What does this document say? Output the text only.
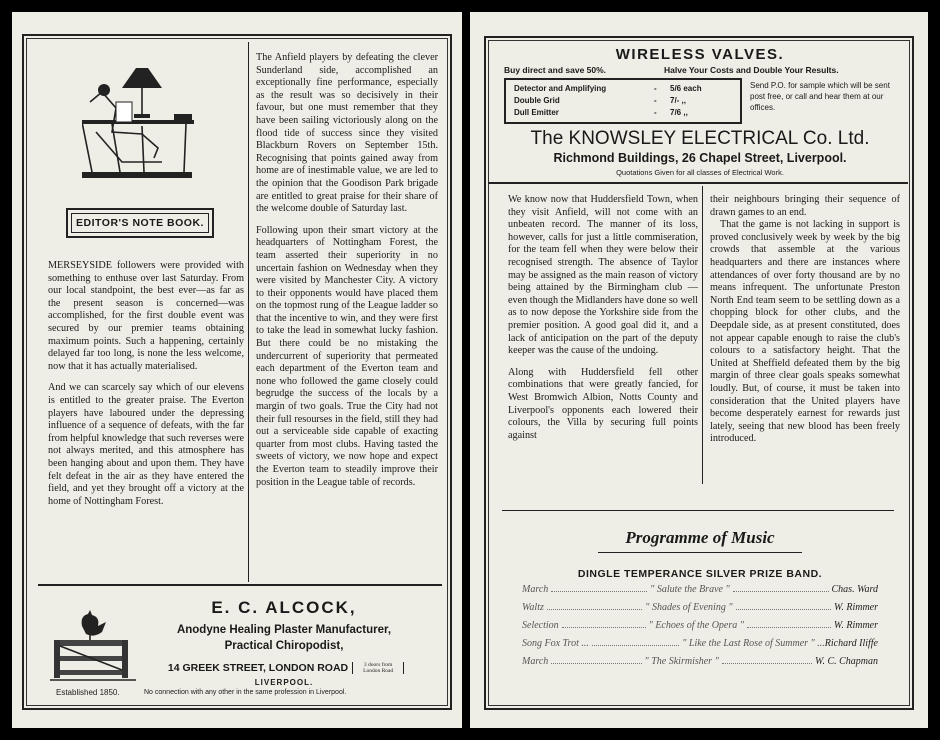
EDITOR'S NOTE BOOK.

MERSEYSIDE followers were provided with something to enthuse over last Saturday. From our local standpoint, the best ever—as far as the present season is concerned—was accomplished, for the first double event was secured by our premier teams obtaining maximum points. Such a happening, certainly delayed far too long, is none the less welcome, now that it has actually materialised.

And we can scarcely say which of our elevens is entitled to the greater praise. The Everton players have laboured under the depressing influence of a sequence of defeats, with the far from helpful knowledge that such reverses were not always merited, and this atmosphere has been hanging about and upon them. They have felt defeat in the air as they have entered the field, and yet they brought off a victory at the home of Nottingham Forest.

The Anfield players by defeating the clever Sunderland side, accomplished an exceptionally fine performance, especially as the result was so decisively in their favour, but one must remember that they have been sailing victoriously along on the flood tide of success since they visited Blackburn Rovers on September 15th. Recognising that points gained away from home are of inestimable value, we are led to the opinion that the Goodison Park brigade are entitled to great praise for their share of the welcome double of Saturday last.

Following upon their smart victory at the headquarters of Nottingham Forest, the team asserted their superiority in no uncertain fashion on Wednesday when they were visited by Manchester City. A victory to their opponents would have placed them on the topmost rung of the League ladder so that the incentive to win, and they were first to take the lead in somewhat lucky fashion. But there could be no mistaking the undercurrent of superiority that permeated each department of the Everton team and none who followed the game closely could begrudge the success of the locals by a margin of two goals. True the City had not their full resourses in the field, still they had out a serviceable side capable of exacting quarter from most clubs. Having tasted the sweets of victory, we now hope and expect the Everton team to steadily improve their position in the League table of records.

E. C. ALCOCK,
Anodyne Healing Plaster Manufacturer,
Practical Chiropodist,
14 GREEK STREET, LONDON ROAD	3 doors from London Road
LIVERPOOL.
Established 1850.	No connection with any other in the same profession in Liverpool.
WIRELESS VALVES.
Buy direct and save 50%.	Halve Your Costs and Double Your Results.
Detector and Amplifying	-	5/6 each
Double Grid	-	7/- ,,
Dull Emitter	-	7/6 ,,
Send P.O. for sample which will be sent post free, or call and hear them at our offices.
The KNOWSLEY ELECTRICAL Co. Ltd.
Richmond Buildings, 26 Chapel Street, Liverpool.
Quotations Given for all classes of Electrical Work.

We know now that Huddersfield Town, when they visit Anfield, will not come with an unbeaten record. The manner of its loss, however, calls for just a little commiseration, for the team fell when they were below their recognised strength. The absence of Taylor may be assigned as the main reason of victory being attained by the Birmingham club — even though the Midlanders have done so well as to now depose the Yorkshire side from the premier position. A good goal did it, and a lack of anticipation on the part of the deputy keeper was the cause of the undoing.

Along with Huddersfield fell other combinations that were greatly fancied, for West Bromwich Albion, Notts County and Liverpool's opponents each lowered their colours, the Villa by securing full points against

their neighbours bringing their sequence of drawn games to an end.

That the game is not lacking in support is proved conclusively week by week by the big crowds that assemble at the various headquarters and there are instances where attendances of over forty thousand are by no means infrequent. The unfortunate Preston North End team seem to be settling down as a chopping block for other clubs, and the Deepdale side, as at present constituted, does not appear capable enough to raise the club's colours to a satisfactory height. That the United at Sheffield defeated them by the big margin of three clear goals speaks somewhat loudly. But, of course, it must be taken into consideration that the United players have become desperately earnest for rewards just lately, seeing that new blood has been freely introduced.

Programme of Music
DINGLE TEMPERANCE SILVER PRIZE BAND.
March	" Salute the Brave "	Chas. Ward
Waltz	" Shades of Evening "	W. Rimmer
Selection	" Echoes of the Opera "	W. Rimmer
Song Fox Trot ...	" Like the Last Rose of Summer " ... Richard Iliffe
March	" The Skirmisher "	W. C. Chapman
